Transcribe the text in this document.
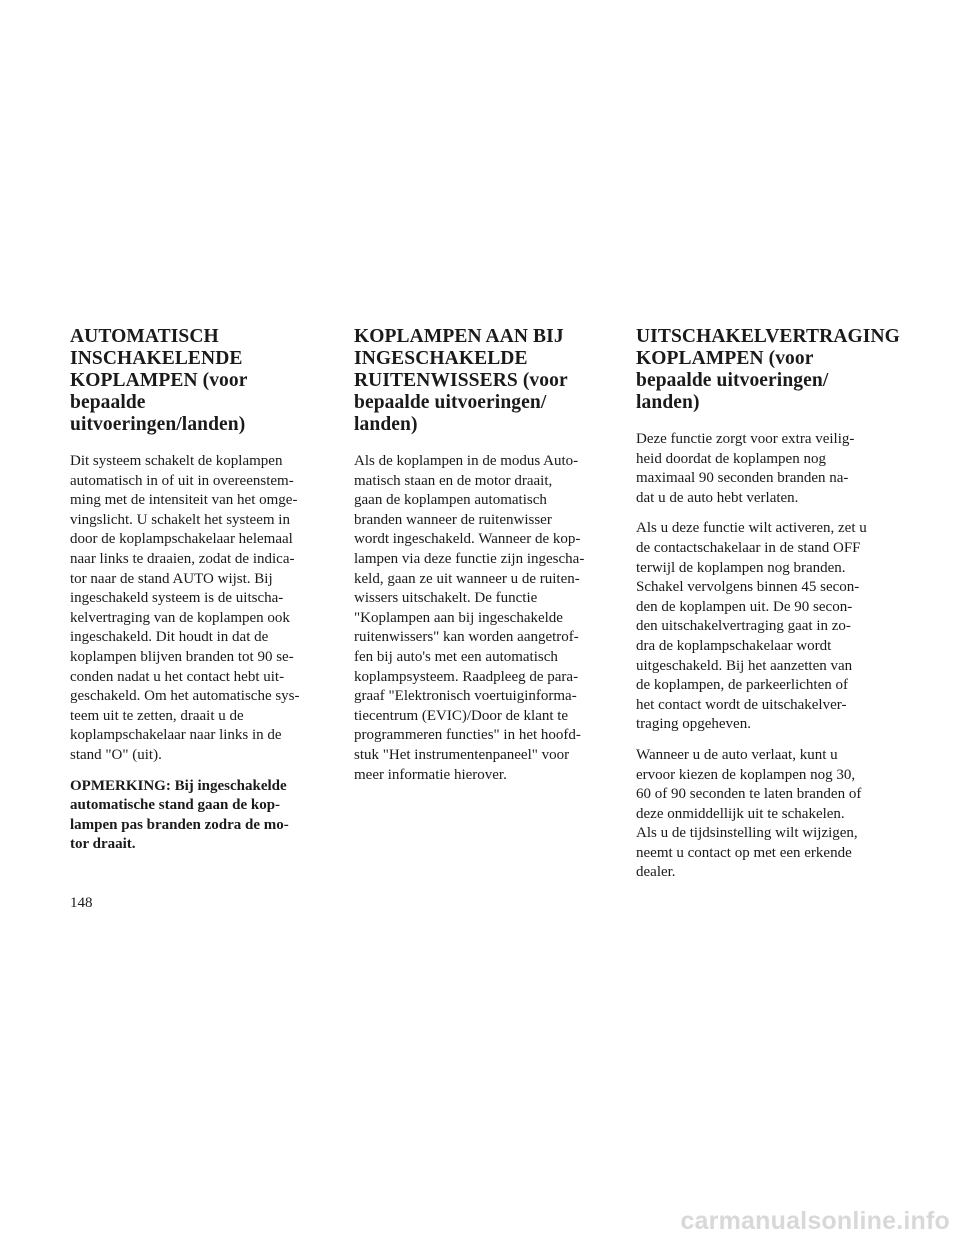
AUTOMATISCH
INSCHAKELENDE
KOPLAMPEN (voor bepaalde
uitvoeringen/landen)

Dit systeem schakelt de koplampen
automatisch in of uit in overeenstem-
ming met de intensiteit van het omge-
vingslicht. U schakelt het systeem in
door de koplampschakelaar helemaal
naar links te draaien, zodat de indica-
tor naar de stand AUTO wijst. Bij
ingeschakeld systeem is de uitscha-
kelvertraging van de koplampen ook
ingeschakeld. Dit houdt in dat de
koplampen blijven branden tot 90 se-
conden nadat u het contact hebt uit-
geschakeld. Om het automatische sys-
teem uit te zetten, draait u de
koplampschakelaar naar links in de
stand "O" (uit).

OPMERKING: Bij ingeschakelde
automatische stand gaan de kop-
lampen pas branden zodra de mo-
tor draait.

KOPLAMPEN AAN BIJ
INGESCHAKELDE
RUITENWISSERS (voor
bepaalde uitvoeringen/
landen)

Als de koplampen in de modus Auto-
matisch staan en de motor draait,
gaan de koplampen automatisch
branden wanneer de ruitenwisser
wordt ingeschakeld. Wanneer de kop-
lampen via deze functie zijn ingescha-
keld, gaan ze uit wanneer u de ruiten-
wissers uitschakelt. De functie
"Koplampen aan bij ingeschakelde
ruitenwissers" kan worden aangetrof-
fen bij auto's met een automatisch
koplampsysteem. Raadpleeg de para-
graaf "Elektronisch voertuiginforma-
tiecentrum (EVIC)/Door de klant te
programmeren functies" in het hoofd-
stuk "Het instrumentenpaneel" voor
meer informatie hierover.

UITSCHAKELVERTRAGING
KOPLAMPEN (voor
bepaalde uitvoeringen/
landen)

Deze functie zorgt voor extra veilig-
heid doordat de koplampen nog
maximaal 90 seconden branden na-
dat u de auto hebt verlaten.

Als u deze functie wilt activeren, zet u
de contactschakelaar in de stand OFF
terwijl de koplampen nog branden.
Schakel vervolgens binnen 45 secon-
den de koplampen uit. De 90 secon-
den uitschakelvertraging gaat in zo-
dra de koplampschakelaar wordt
uitgeschakeld. Bij het aanzetten van
de koplampen, de parkeerlichten of
het contact wordt de uitschakelver-
traging opgeheven.

Wanneer u de auto verlaat, kunt u
ervoor kiezen de koplampen nog 30,
60 of 90 seconden te laten branden of
deze onmiddellijk uit te schakelen.
Als u de tijdsinstelling wilt wijzigen,
neemt u contact op met een erkende
dealer.

148
carmanualsonline.info
